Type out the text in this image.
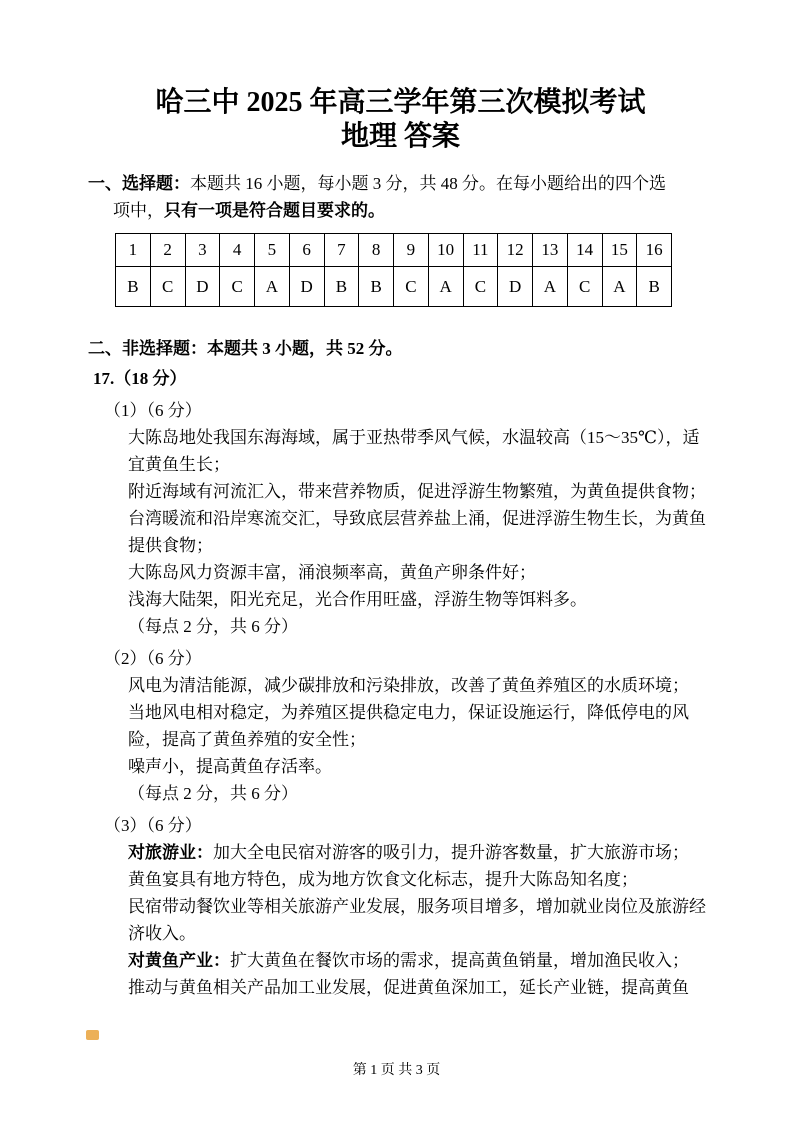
哈三中 2025 年高三学年第三次模拟考试
地理 答案
一、选择题：本题共 16 小题，每小题 3 分，共 48 分。在每小题给出的四个选
项中，只有一项是符合题目要求的。
1	2	3	4	5	6	7	8	9	10	11	12	13	14	15	16
B	C	D	C	A	D	B	B	C	A	C	D	A	C	A	B
二、非选择题：本题共 3 小题，共 52 分。
17.（18 分）
（1）（6 分）

大陈岛地处我国东海海域，属于亚热带季风气候，水温较高（15～35℃），适宜黄鱼生长；

附近海域有河流汇入，带来营养物质，促进浮游生物繁殖，为黄鱼提供食物；

台湾暖流和沿岸寒流交汇，导致底层营养盐上涌，促进浮游生物生长，为黄鱼提供食物；

大陈岛风力资源丰富，涌浪频率高，黄鱼产卵条件好；

浅海大陆架，阳光充足，光合作用旺盛，浮游生物等饵料多。

（每点 2 分，共 6 分）

（2）（6 分）

风电为清洁能源，减少碳排放和污染排放，改善了黄鱼养殖区的水质环境；

当地风电相对稳定，为养殖区提供稳定电力，保证设施运行，降低停电的风险，提高了黄鱼养殖的安全性；

噪声小，提高黄鱼存活率。

（每点 2 分，共 6 分）

（3）（6 分）

对旅游业：加大全电民宿对游客的吸引力，提升游客数量，扩大旅游市场；

黄鱼宴具有地方特色，成为地方饮食文化标志，提升大陈岛知名度；

民宿带动餐饮业等相关旅游产业发展，服务项目增多，增加就业岗位及旅游经济收入。

对黄鱼产业：扩大黄鱼在餐饮市场的需求，提高黄鱼销量，增加渔民收入；

推动与黄鱼相关产品加工业发展，促进黄鱼深加工，延长产业链，提高黄鱼

第 1 页 共 3 页
